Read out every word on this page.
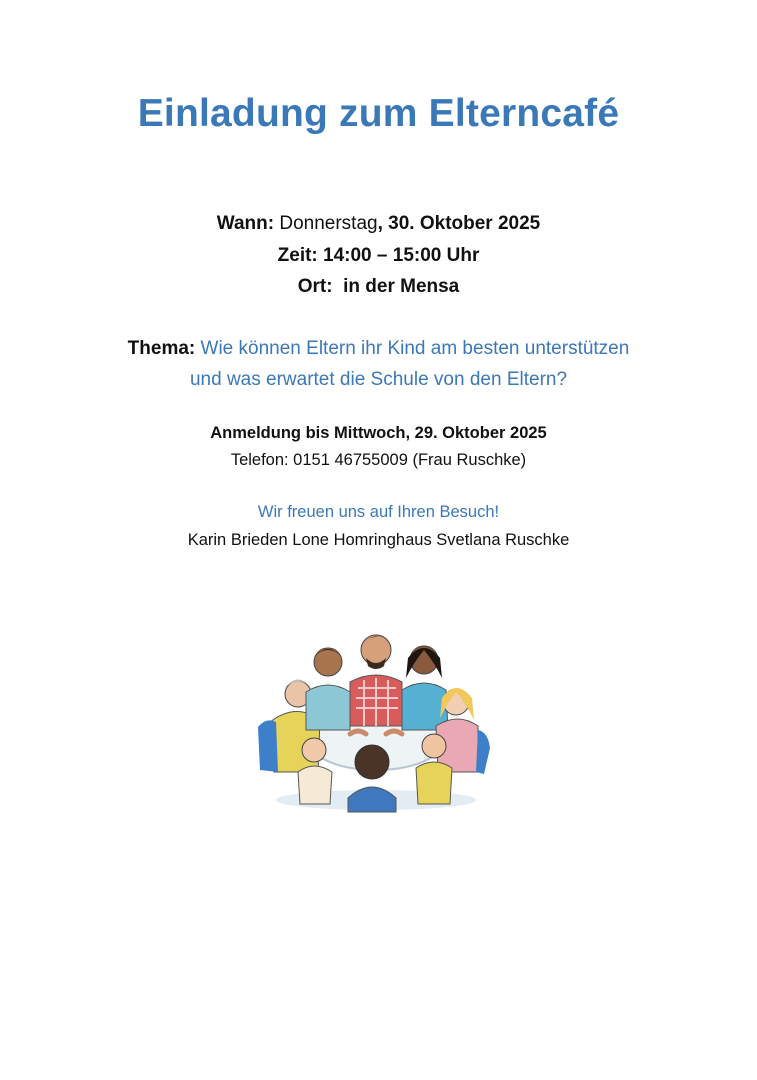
Einladung zum Elterncafé
Wann: Donnerstag, 30. Oktober 2025
Zeit: 14:00 – 15:00 Uhr
Ort: in der Mensa
Thema: Wie können Eltern ihr Kind am besten unterstützen
und was erwartet die Schule von den Eltern?
Anmeldung bis Mittwoch, 29. Oktober 2025
Telefon: 0151 46755009 (Frau Ruschke)
Wir freuen uns auf Ihren Besuch!
Karin Brieden Lone Homringhaus Svetlana Ruschke
